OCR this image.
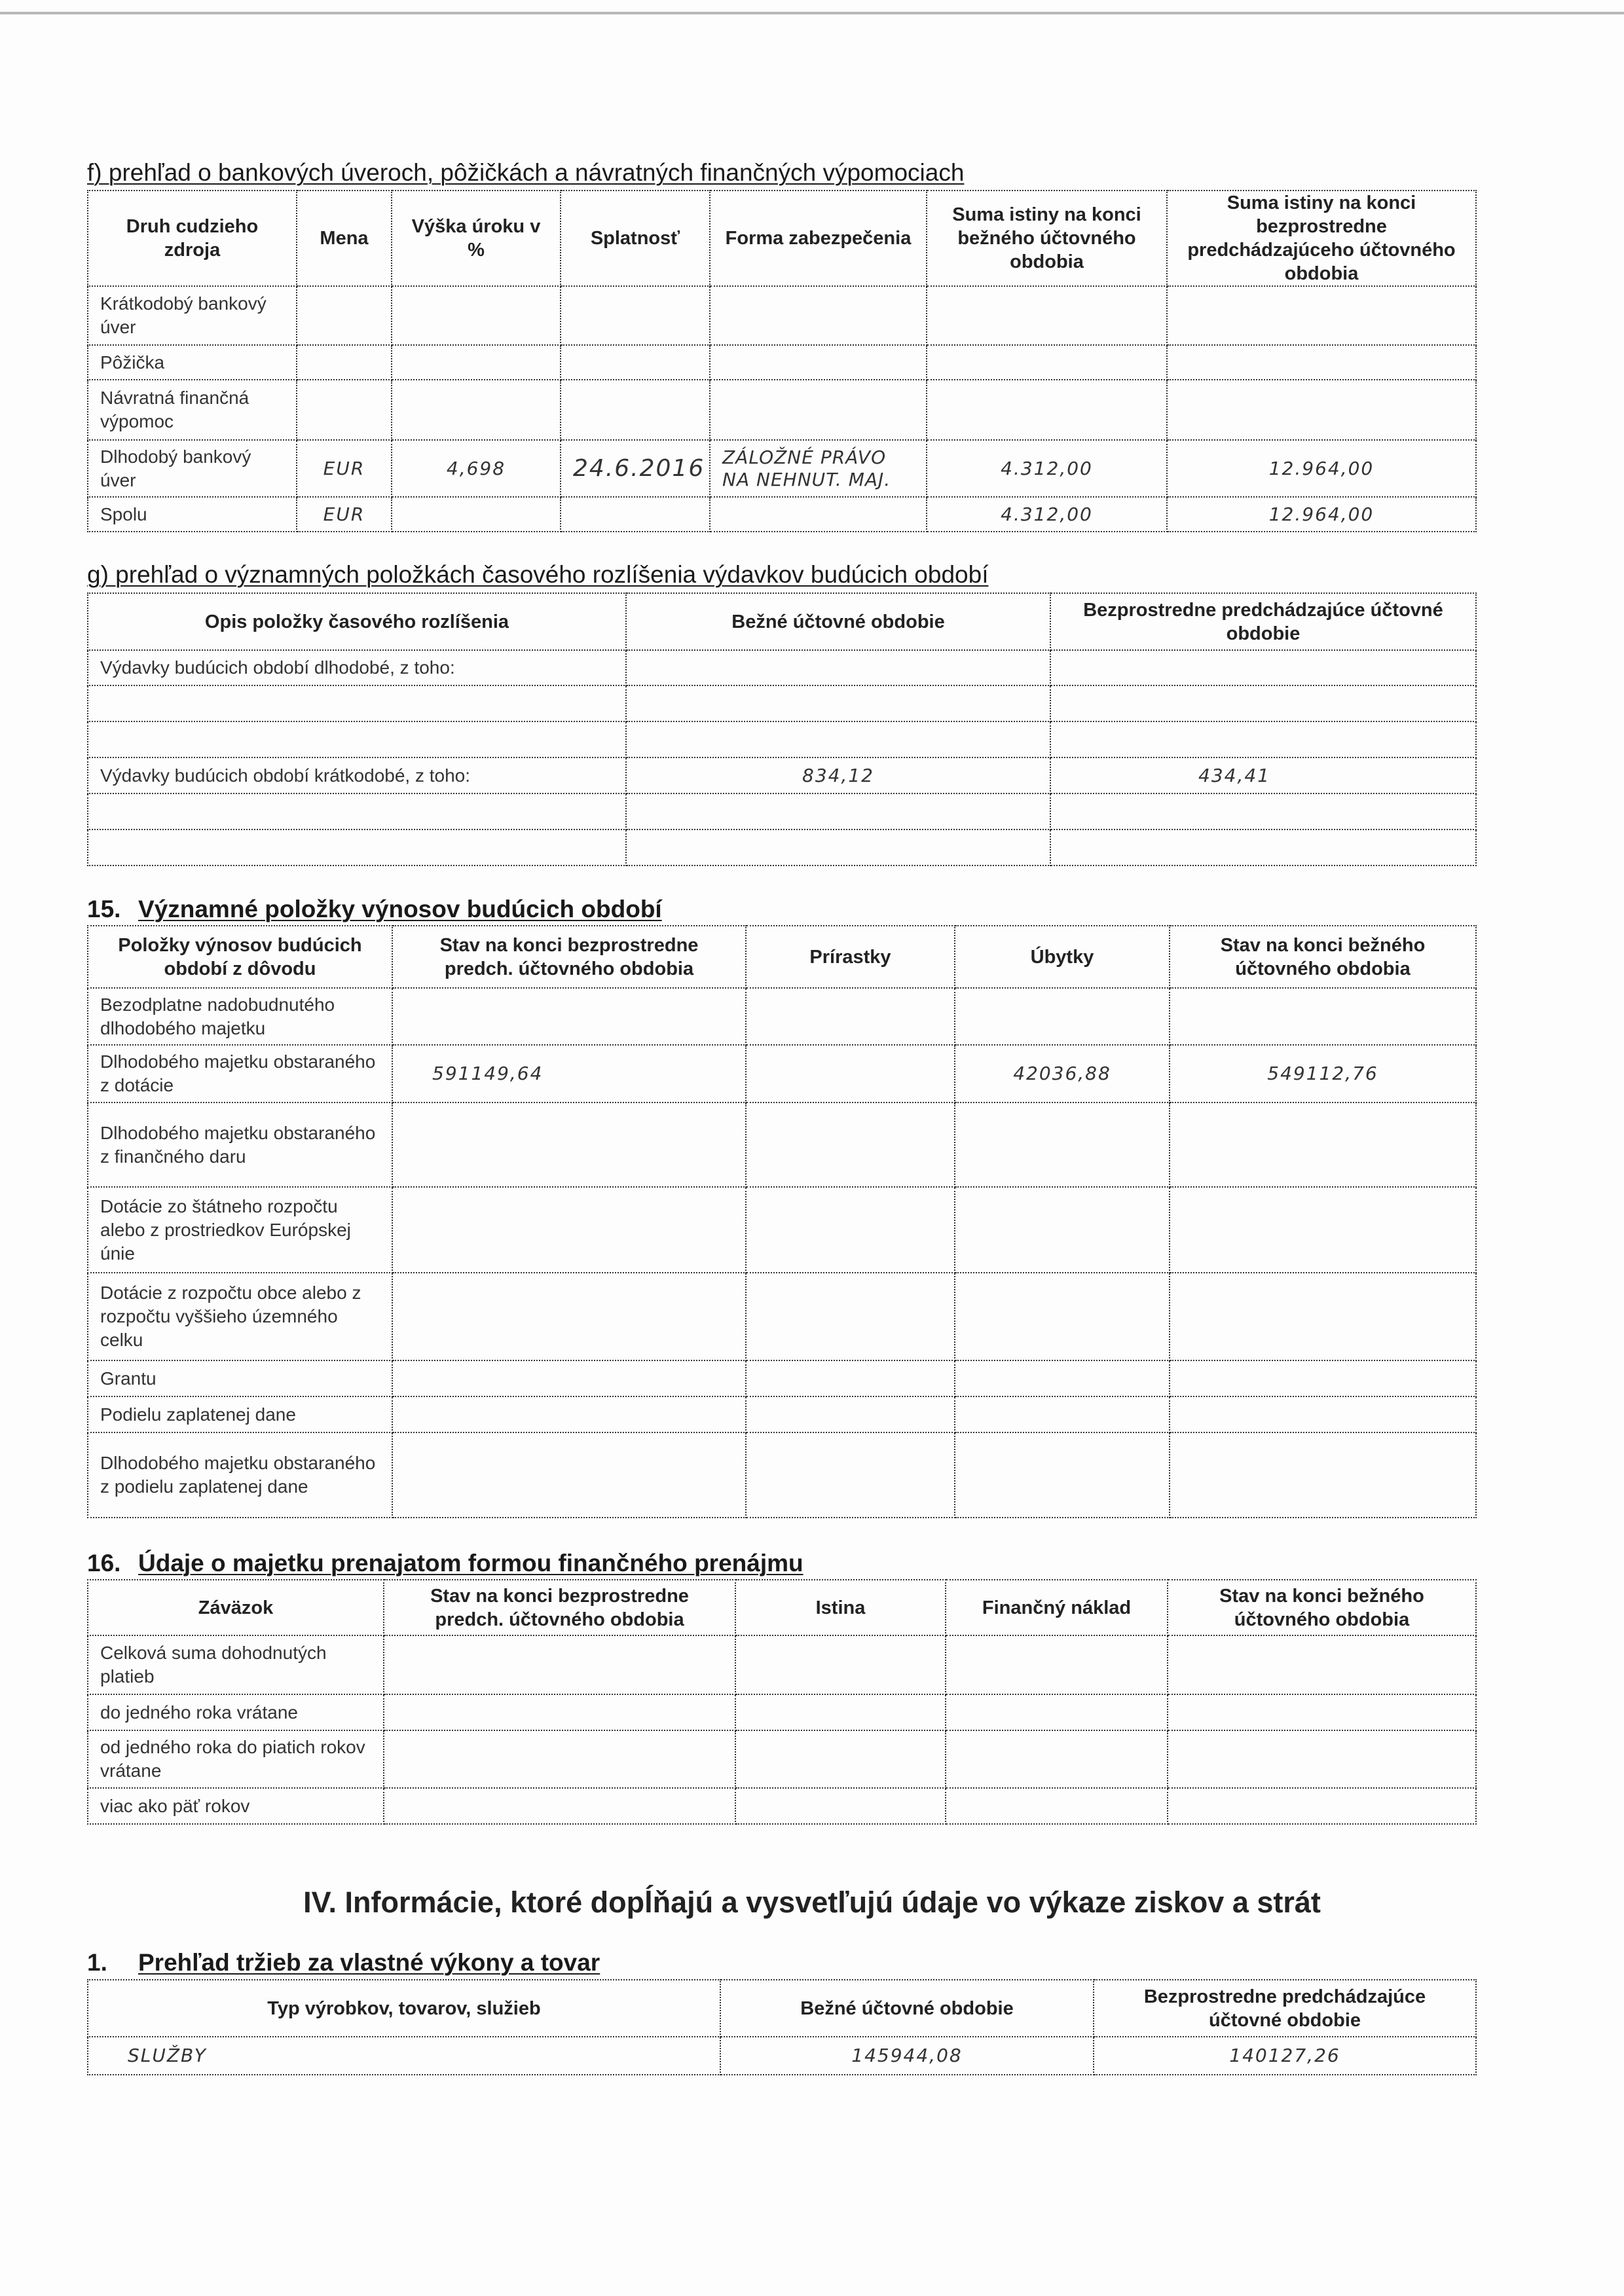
f) prehľad o bankových úveroch, pôžičkách a návratných finančných výpomociach
Druh cudzieho zdroja	Mena	Výška úroku v %	Splatnosť	Forma zabezpečenia	Suma istiny na konci bežného účtovného obdobia	Suma istiny na konci bezprostredne predchádzajúceho účtovného obdobia
Krátkodobý bankový úver						
Pôžička						
Návratná finančná výpomoc						
Dlhodobý bankový úver	EUR	4,698	24.6.2016	ZÁLOŽNÉ PRÁVO NA NEHNUT. MAJ.	4.312,00	12.964,00
Spolu	EUR				4.312,00	12.964,00
g) prehľad o významných položkách časového rozlíšenia výdavkov budúcich období
Opis položky časového rozlíšenia	Bežné účtovné obdobie	Bezprostredne predchádzajúce účtovné obdobie
Výdavky budúcich období dlhodobé, z toho:		

Výdavky budúcich období krátkodobé, z toho:	834,12	434,41

15. Významné položky výnosov budúcich období
Položky výnosov budúcich období z dôvodu	Stav na konci bezprostredne predch. účtovného obdobia	Prírastky	Úbytky	Stav na konci bežného účtovného obdobia
Bezodplatne nadobudnutého dlhodobého majetku				
Dlhodobého majetku obstaraného z dotácie	591149,64		42036,88	549112,76
Dlhodobého majetku obstaraného z finančného daru				
Dotácie zo štátneho rozpočtu alebo z prostriedkov Európskej únie				
Dotácie z rozpočtu obce alebo z rozpočtu vyššieho územného celku				
Grantu				
Podielu zaplatenej dane				
Dlhodobého majetku obstaraného z podielu zaplatenej dane				
16. Údaje o majetku prenajatom formou finančného prenájmu
Záväzok	Stav na konci bezprostredne predch. účtovného obdobia	Istina	Finančný náklad	Stav na konci bežného účtovného obdobia
Celková suma dohodnutých platieb				
do jedného roka vrátane				
od jedného roka do piatich rokov vrátane				
viac ako päť rokov				
IV. Informácie, ktoré dopĺňajú a vysvetľujú údaje vo výkaze ziskov a strát
1. Prehľad tržieb za vlastné výkony a tovar
Typ výrobkov, tovarov, služieb	Bežné účtovné obdobie	Bezprostredne predchádzajúce účtovné obdobie
SLUŽBY	145944,08	140127,26
